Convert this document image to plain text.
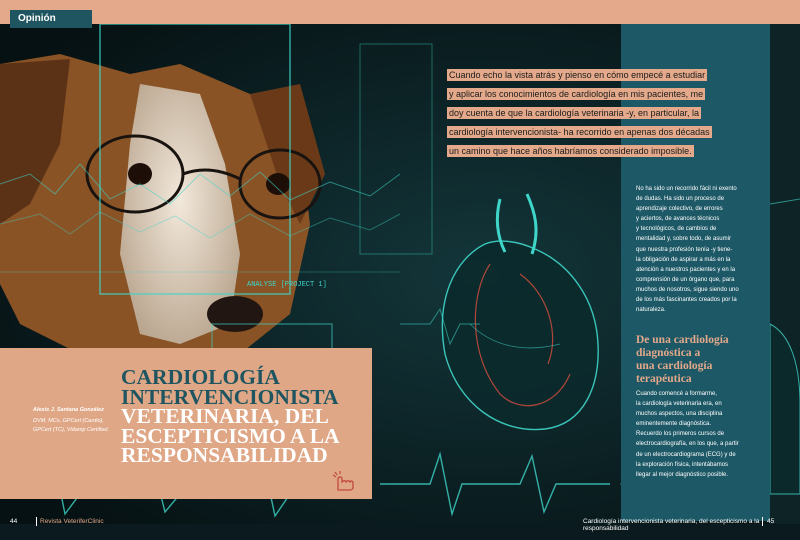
ANALYSE [PROJECT 1]
Opinión
Cuando echo la vista atrás y pienso en cómo empecé a estudiar
y aplicar los conocimientos de cardiología en mis pacientes, me
doy cuenta de que la cardiología veterinaria -y, en particular, la
cardiología intervencionista- ha recorrido en apenas dos décadas
un camino que hace años habríamos considerado imposible.
No ha sido un recorrido fácil ni exento
de dudas. Ha sido un proceso de
aprendizaje colectivo, de errores
y aciertos, de avances técnicos
y tecnológicos, de cambios de
mentalidad y, sobre todo, de asumir
que nuestra profesión tenía -y tiene-
la obligación de aspirar a más en la
atención a nuestros pacientes y en la
comprensión de un órgano que, para
muchos de nosotros, sigue siendo uno
de los más fascinantes creados por la
naturaleza.
De una cardiología
diagnóstica a
una cardiología
terapéutica
Cuando comencé a formarme,
la cardiología veterinaria era, en
muchos aspectos, una disciplina
eminentemente diagnóstica.
Recuerdo los primeros cursos de
electrocardiografía, en los que, a partir
de un electrocardiograma (ECG) y de
la exploración física, intentábamos
llegar al mejor diagnóstico posible.
Alexis J. Santana González
DVM, MCs, GPCert (Cardio),
GPCert (TC), Vidamp Certified.
CARDIOLOGÍA
INTERVENCIONISTA
VETERINARIA, DEL
ESCEPTICISMO A LA
RESPONSABILIDAD
44	Revista VeteriferClinic	Cardiología intervencionista veterinaria, del escepticismo a la responsabilidad
45
